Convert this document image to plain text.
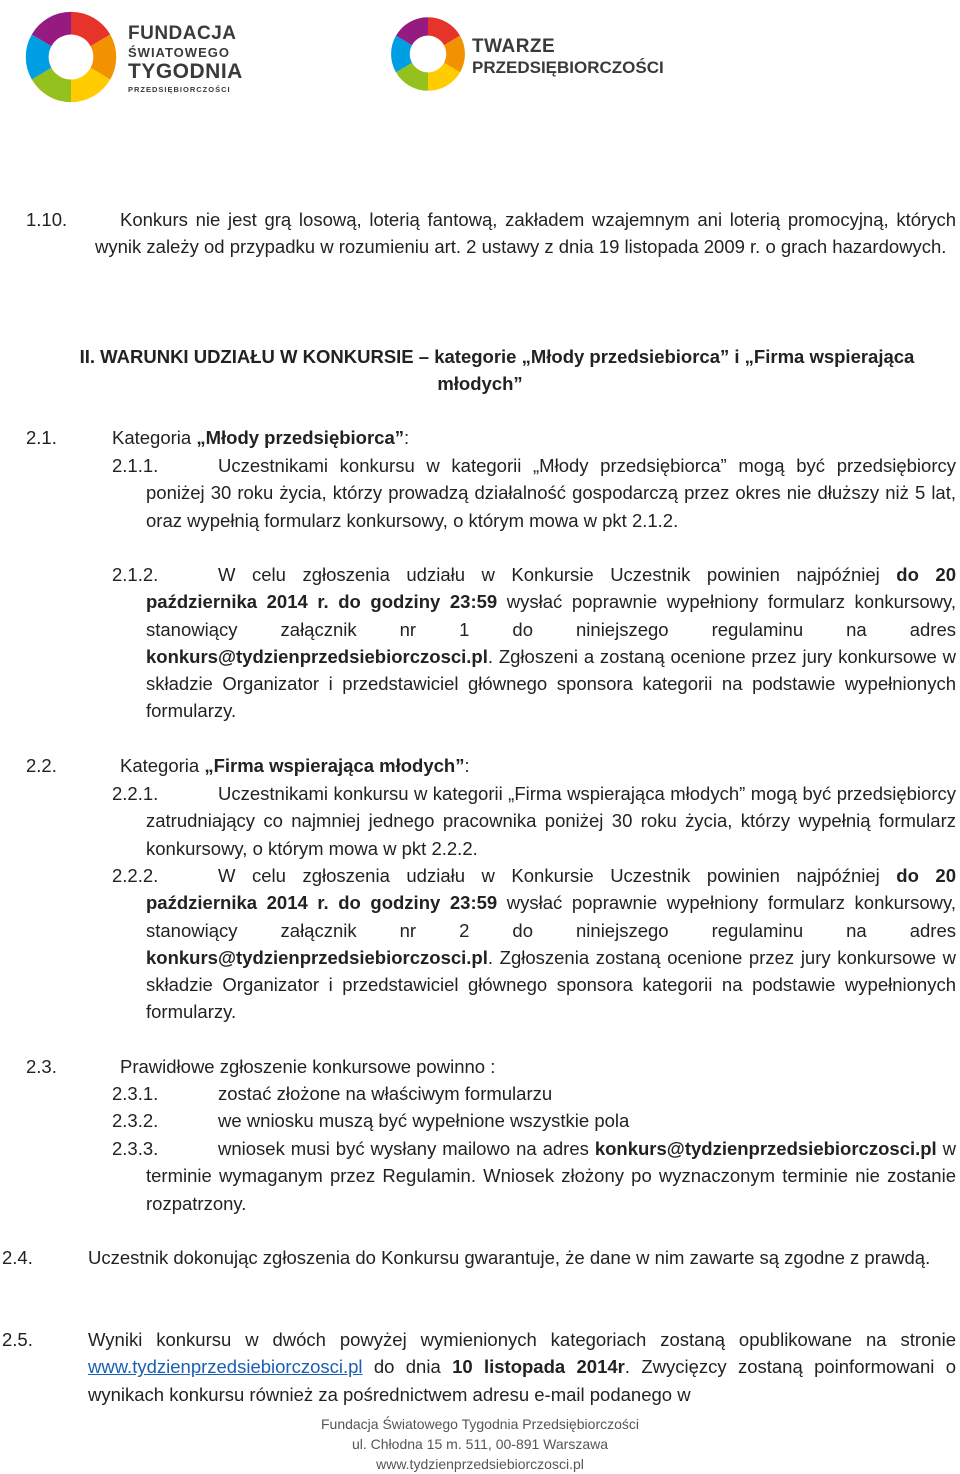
FUNDACJA
ŚWIATOWEGO
TYGODNIA
PRZEDSIĘBIORCZOŚCI
TWARZE
PRZEDSIĘBIORCZOŚCI
1.10.	Konkurs nie jest grą losową, loterią fantową, zakładem wzajemnym ani loterią promocyjną, których wynik zależy od przypadku w rozumieniu art. 2 ustawy z dnia 19 listopada 2009 r. o grach hazardowych.
II. WARUNKI UDZIAŁU W KONKURSIE – kategorie „Młody przedsiebiorca” i „Firma wspierająca
młodych”
2.1.	Kategoria „Młody przedsiębiorca”:
2.1.1.	Uczestnikami konkursu w kategorii „Młody przedsiębiorca” mogą być przedsiębiorcy poniżej 30 roku życia, którzy prowadzą działalność gospodarczą przez okres nie dłuższy niż 5 lat, oraz wypełnią formularz konkursowy, o którym mowa w pkt 2.1.2.
2.1.2.	W celu zgłoszenia udziału w Konkursie Uczestnik powinien najpóźniej do 20 października 2014 r. do godziny 23:59 wysłać poprawnie wypełniony formularz konkursowy, stanowiący załącznik nr 1 do niniejszego regulaminu na adres konkurs@tydzienprzedsiebiorczosci.pl. Zgłoszeni a zostaną ocenione przez jury konkursowe w składzie Organizator i przedstawiciel głównego sponsora kategorii na podstawie wypełnionych formularzy.
2.2.	Kategoria „Firma wspierająca młodych”:
2.2.1.	Uczestnikami konkursu w kategorii „Firma wspierająca młodych” mogą być przedsiębiorcy zatrudniający co najmniej jednego pracownika poniżej 30 roku życia, którzy wypełnią formularz konkursowy, o którym mowa w pkt 2.2.2.
2.2.2.	W celu zgłoszenia udziału w Konkursie Uczestnik powinien najpóźniej do 20 października 2014 r. do godziny 23:59 wysłać poprawnie wypełniony formularz konkursowy, stanowiący załącznik nr 2 do niniejszego regulaminu na adres konkurs@tydzienprzedsiebiorczosci.pl. Zgłoszenia zostaną ocenione przez jury konkursowe w składzie Organizator i przedstawiciel głównego sponsora kategorii na podstawie wypełnionych formularzy.
2.3.	Prawidłowe zgłoszenie konkursowe powinno :
2.3.1.	zostać złożone na właściwym formularzu
2.3.2.	we wniosku muszą być wypełnione wszystkie pola
2.3.3.	wniosek musi być wysłany mailowo na adres konkurs@tydzienprzedsiebiorczosci.pl w terminie wymaganym przez Regulamin. Wniosek złożony po wyznaczonym terminie nie zostanie rozpatrzony.
2.4.	Uczestnik dokonując zgłoszenia do Konkursu gwarantuje, że dane w nim zawarte są zgodne z prawdą.
2.5.	Wyniki konkursu w dwóch powyżej wymienionych kategoriach zostaną opublikowane na stronie www.tydzienprzedsiebiorczosci.pl do dnia 10 listopada 2014r. Zwycięzcy zostaną poinformowani o wynikach konkursu również za pośrednictwem adresu e-mail podanego w
Fundacja Światowego Tygodnia Przedsiębiorczości
ul. Chłodna 15 m. 511, 00-891 Warszawa
www.tydzienprzedsiebiorczosci.pl
